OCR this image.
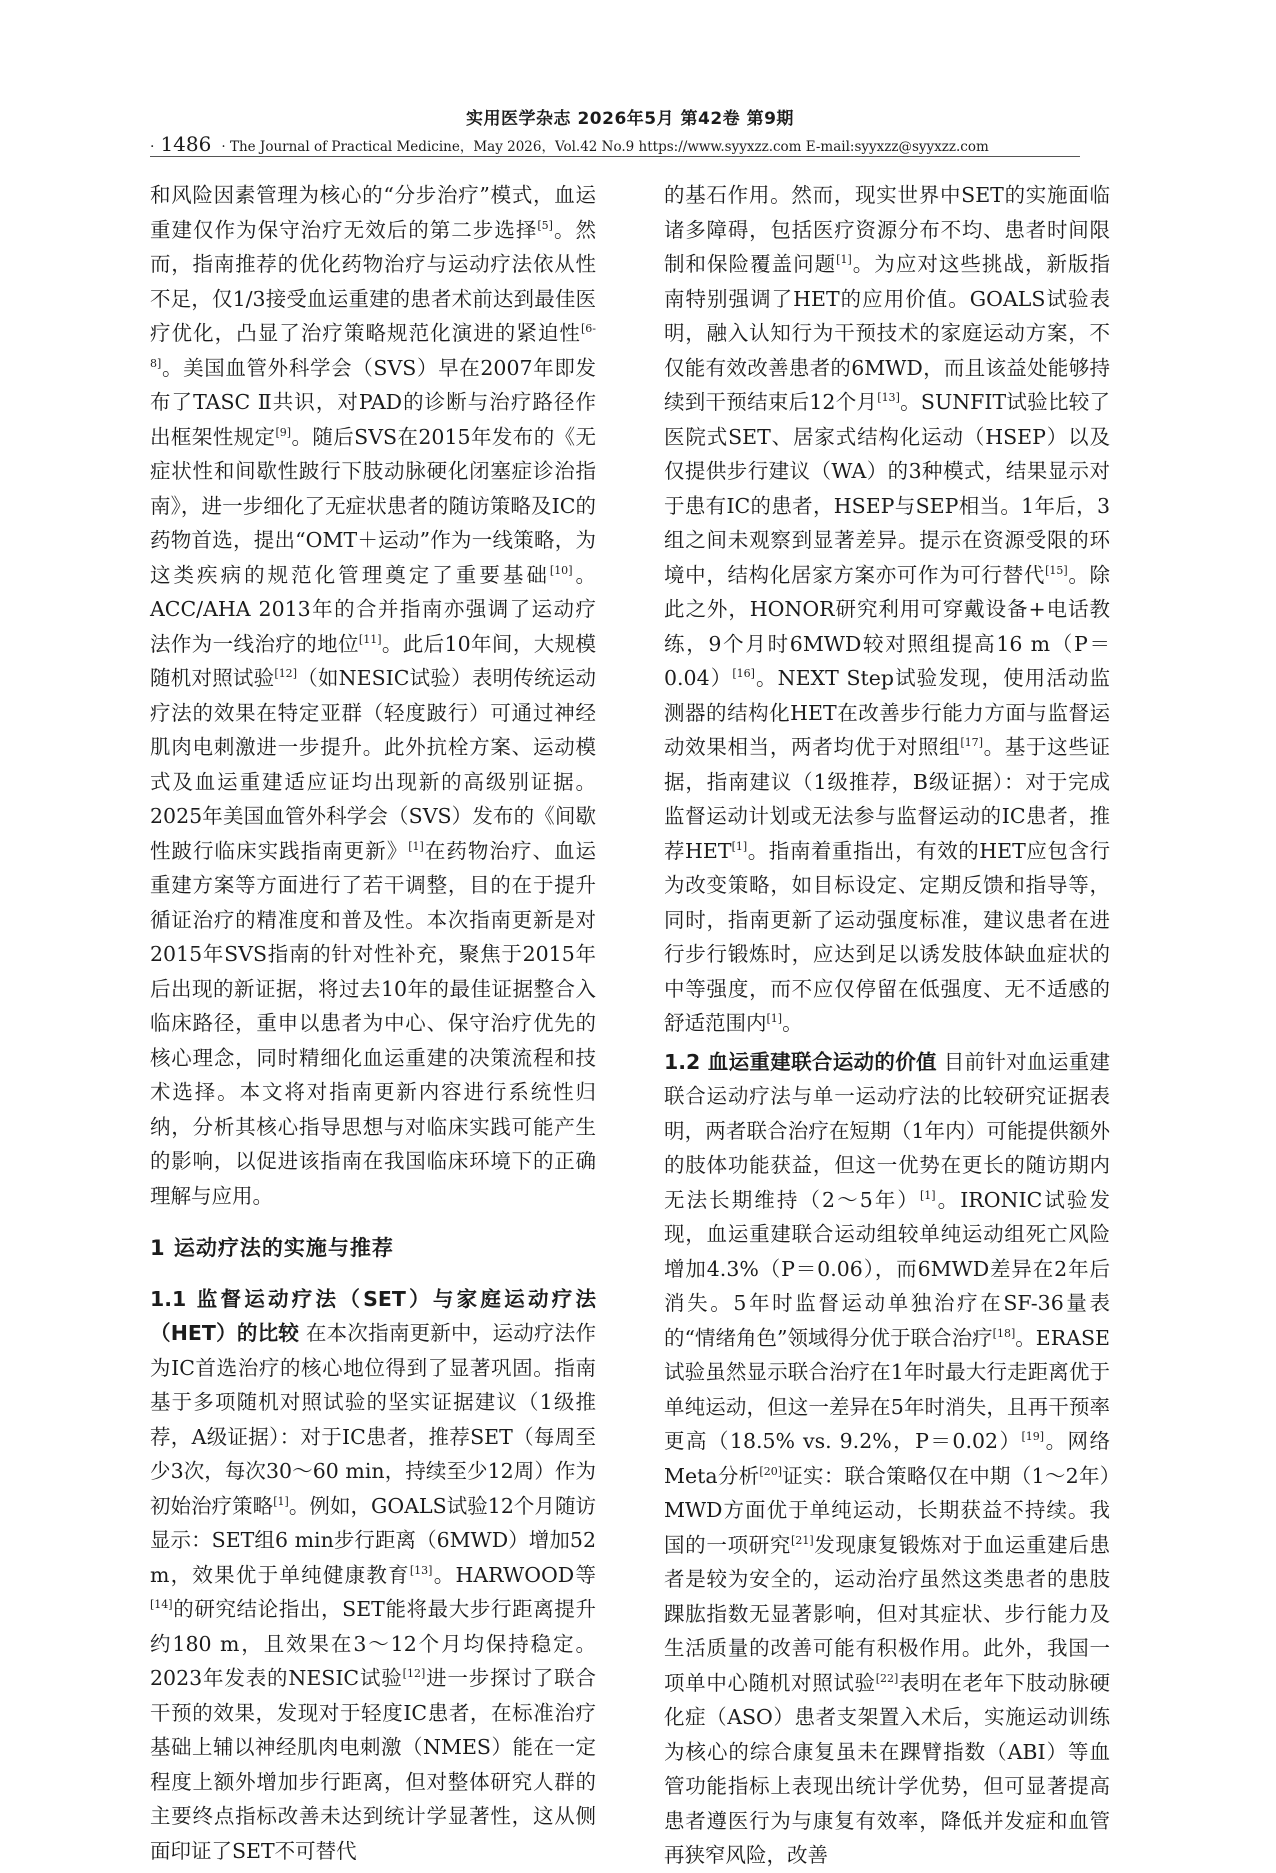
实用医学杂志 2026年5月 第42卷 第9期
· 1486 · The Journal of Practical Medicine，May 2026，Vol.42 No.9 https://www.syyxzz.com E-mail:syyxzz@syyxzz.com

和风险因素管理为核心的“分步治疗”模式，血运重建仅作为保守治疗无效后的第二步选择[5]。然而，指南推荐的优化药物治疗与运动疗法依从性不足，仅1/3接受血运重建的患者术前达到最佳医疗优化，凸显了治疗策略规范化演进的紧迫性[6-8]。美国血管外科学会（SVS）早在2007年即发布了TASC Ⅱ共识，对PAD的诊断与治疗路径作出框架性规定[9]。随后SVS在2015年发布的《无症状性和间歇性跛行下肢动脉硬化闭塞症诊治指南》，进一步细化了无症状患者的随访策略及IC的药物首选，提出“OMT＋运动”作为一线策略，为这类疾病的规范化管理奠定了重要基础[10]。ACC/AHA 2013年的合并指南亦强调了运动疗法作为一线治疗的地位[11]。此后10年间，大规模随机对照试验[12]（如NESIC试验）表明传统运动疗法的效果在特定亚群（轻度跛行）可通过神经肌肉电刺激进一步提升。此外抗栓方案、运动模式及血运重建适应证均出现新的高级别证据。2025年美国血管外科学会（SVS）发布的《间歇性跛行临床实践指南更新》[1]在药物治疗、血运重建方案等方面进行了若干调整，目的在于提升循证治疗的精准度和普及性。本次指南更新是对2015年SVS指南的针对性补充，聚焦于2015年后出现的新证据，将过去10年的最佳证据整合入临床路径，重申以患者为中心、保守治疗优先的核心理念，同时精细化血运重建的决策流程和技术选择。本文将对指南更新内容进行系统性归纳，分析其核心指导思想与对临床实践可能产生的影响，以促进该指南在我国临床环境下的正确理解与应用。

1 运动疗法的实施与推荐

1.1 监督运动疗法（SET）与家庭运动疗法（HET）的比较 在本次指南更新中，运动疗法作为IC首选治疗的核心地位得到了显著巩固。指南基于多项随机对照试验的坚实证据建议（1级推荐，A级证据）：对于IC患者，推荐SET（每周至少3次，每次30～60 min，持续至少12周）作为初始治疗策略[1]。例如，GOALS试验12个月随访显示：SET组6 min步行距离（6MWD）增加52 m，效果优于单纯健康教育[13]。HARWOOD等[14]的研究结论指出，SET能将最大步行距离提升约180 m，且效果在3～12个月均保持稳定。2023年发表的NESIC试验[12]进一步探讨了联合干预的效果，发现对于轻度IC患者，在标准治疗基础上辅以神经肌肉电刺激（NMES）能在一定程度上额外增加步行距离，但对整体研究人群的主要终点指标改善未达到统计学显著性，这从侧面印证了SET不可替代

的基石作用。然而，现实世界中SET的实施面临诸多障碍，包括医疗资源分布不均、患者时间限制和保险覆盖问题[1]。为应对这些挑战，新版指南特别强调了HET的应用价值。GOALS试验表明，融入认知行为干预技术的家庭运动方案，不仅能有效改善患者的6MWD，而且该益处能够持续到干预结束后12个月[13]。SUNFIT试验比较了医院式SET、居家式结构化运动（HSEP）以及仅提供步行建议（WA）的3种模式，结果显示对于患有IC的患者，HSEP与SEP相当。1年后，3组之间未观察到显著差异。提示在资源受限的环境中，结构化居家方案亦可作为可行替代[15]。除此之外，HONOR研究利用可穿戴设备+电话教练，9个月时6MWD较对照组提高16 m（P＝0.04）[16]。NEXT Step试验发现，使用活动监测器的结构化HET在改善步行能力方面与监督运动效果相当，两者均优于对照组[17]。基于这些证据，指南建议（1级推荐，B级证据）：对于完成监督运动计划或无法参与监督运动的IC患者，推荐HET[1]。指南着重指出，有效的HET应包含行为改变策略，如目标设定、定期反馈和指导等，同时，指南更新了运动强度标准，建议患者在进行步行锻炼时，应达到足以诱发肢体缺血症状的中等强度，而不应仅停留在低强度、无不适感的舒适范围内[1]。

1.2 血运重建联合运动的价值 目前针对血运重建联合运动疗法与单一运动疗法的比较研究证据表明，两者联合治疗在短期（1年内）可能提供额外的肢体功能获益，但这一优势在更长的随访期内无法长期维持（2～5年）[1]。IRONIC试验发现，血运重建联合运动组较单纯运动组死亡风险增加4.3%（P＝0.06），而6MWD差异在2年后消失。5年时监督运动单独治疗在SF-36量表的“情绪角色”领域得分优于联合治疗[18]。ERASE试验虽然显示联合治疗在1年时最大行走距离优于单纯运动，但这一差异在5年时消失，且再干预率更高（18.5% vs. 9.2%，P＝0.02）[19]。网络Meta分析[20]证实：联合策略仅在中期（1～2年）MWD方面优于单纯运动，长期获益不持续。我国的一项研究[21]发现康复锻炼对于血运重建后患者是较为安全的，运动治疗虽然这类患者的患肢踝肱指数无显著影响，但对其症状、步行能力及生活质量的改善可能有积极作用。此外，我国一项单中心随机对照试验[22]表明在老年下肢动脉硬化症（ASO）患者支架置入术后，实施运动训练为核心的综合康复虽未在踝臂指数（ABI）等血管功能指标上表现出统计学优势，但可显著提高患者遵医行为与康复有效率，降低并发症和血管再狭窄风险，改善
